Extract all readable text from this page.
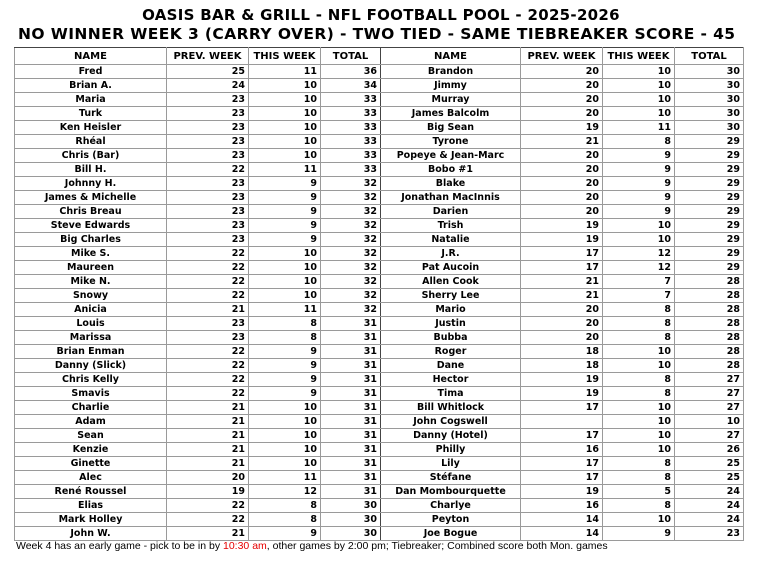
OASIS BAR & GRILL - NFL FOOTBALL POOL - 2025-2026
NO WINNER WEEK 3 (CARRY OVER) - TWO TIED - SAME TIEBREAKER SCORE - 45
NAME	PREV. WEEK	THIS WEEK	TOTAL	NAME	PREV. WEEK	THIS WEEK	TOTAL
Fred	25	11	36	Brandon	20	10	30
Brian A.	24	10	34	Jimmy	20	10	30
Maria	23	10	33	Murray	20	10	30
Turk	23	10	33	James Balcolm	20	10	30
Ken Heisler	23	10	33	Big Sean	19	11	30
Rhéal	23	10	33	Tyrone	21	8	29
Chris (Bar)	23	10	33	Popeye & Jean-Marc	20	9	29
Bill H.	22	11	33	Bobo #1	20	9	29
Johnny H.	23	9	32	Blake	20	9	29
James & Michelle	23	9	32	Jonathan MacInnis	20	9	29
Chris Breau	23	9	32	Darien	20	9	29
Steve Edwards	23	9	32	Trish	19	10	29
Big Charles	23	9	32	Natalie	19	10	29
Mike S.	22	10	32	J.R.	17	12	29
Maureen	22	10	32	Pat Aucoin	17	12	29
Mike N.	22	10	32	Allen Cook	21	7	28
Snowy	22	10	32	Sherry Lee	21	7	28
Anicia	21	11	32	Mario	20	8	28
Louis	23	8	31	Justin	20	8	28
Marissa	23	8	31	Bubba	20	8	28
Brian Enman	22	9	31	Roger	18	10	28
Danny (Slick)	22	9	31	Dane	18	10	28
Chris Kelly	22	9	31	Hector	19	8	27
Smavis	22	9	31	Tima	19	8	27
Charlie	21	10	31	Bill Whitlock	17	10	27
Adam	21	10	31	John Cogswell		10	10
Sean	21	10	31	Danny (Hotel)	17	10	27
Kenzie	21	10	31	Philly	16	10	26
Ginette	21	10	31	Lily	17	8	25
Alec	20	11	31	Stéfane	17	8	25
René Roussel	19	12	31	Dan Mombourquette	19	5	24
Elias	22	8	30	Charlye	16	8	24
Mark Holley	22	8	30	Peyton	14	10	24
John W.	21	9	30	Joe Bogue	14	9	23
Week 4 has an early game - pick to be in by 10:30 am, other games by 2:00 pm; Tiebreaker; Combined score both Mon. games
